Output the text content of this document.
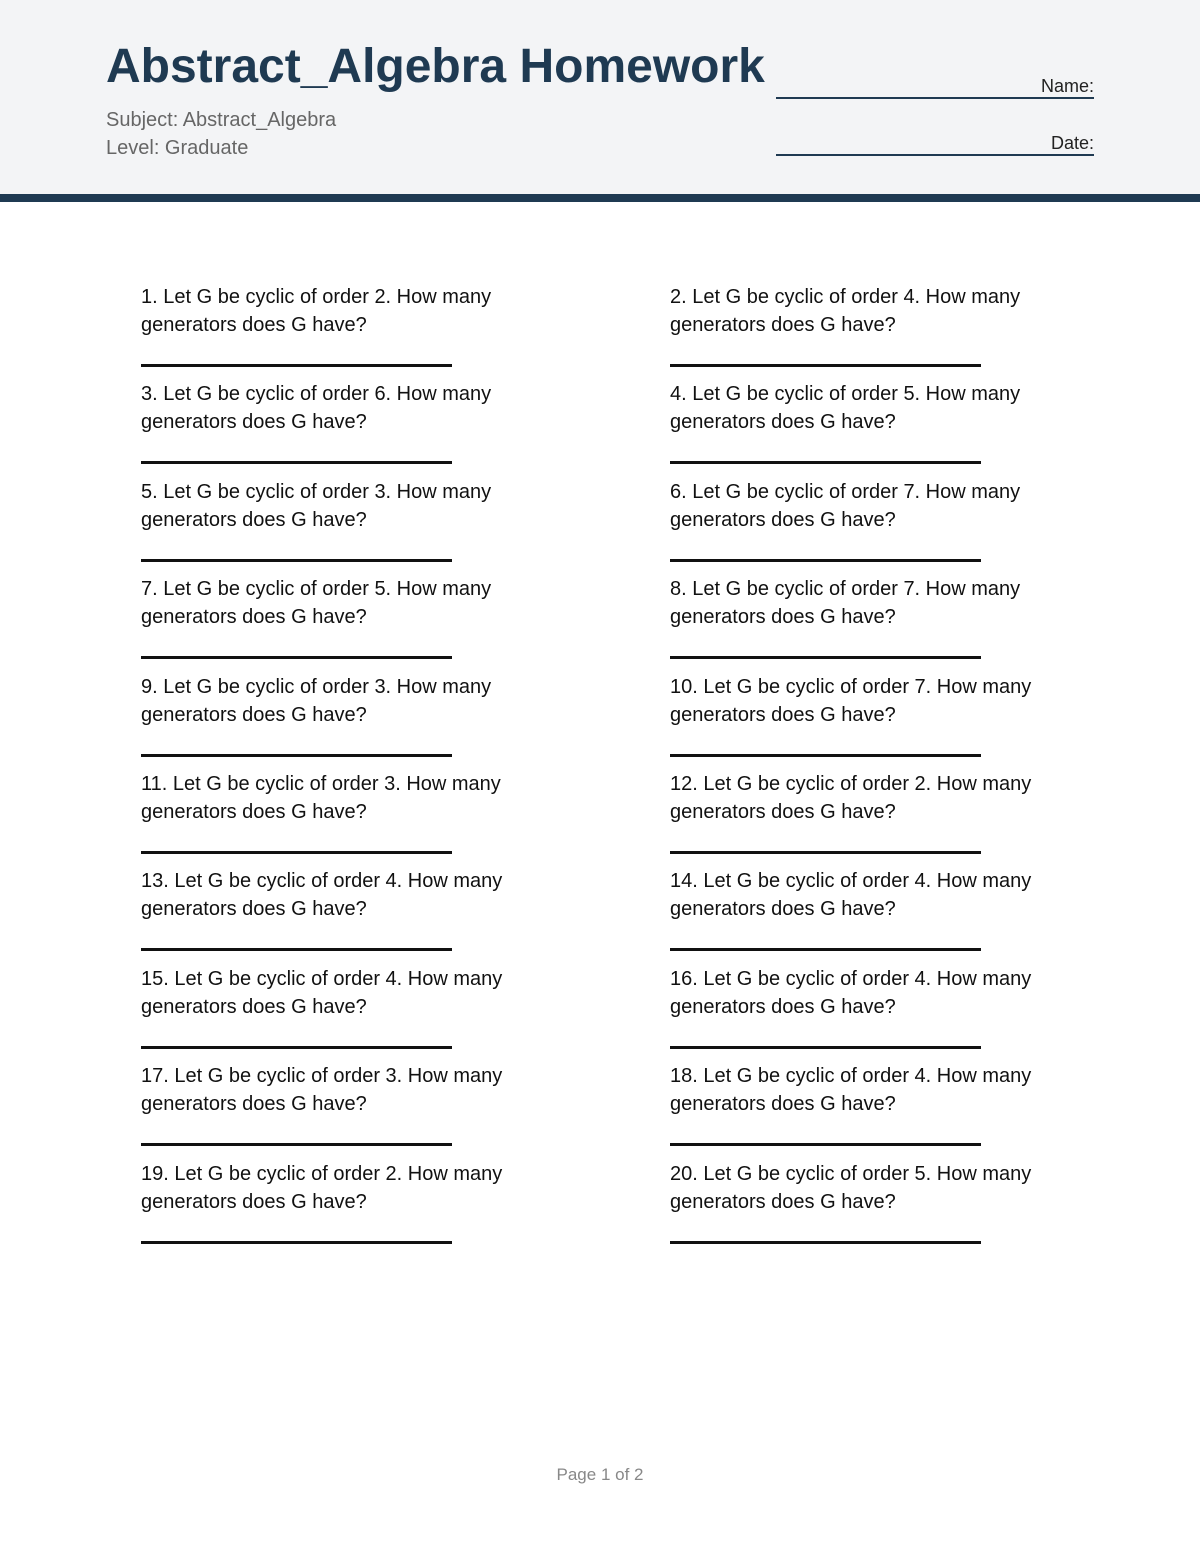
Abstract_Algebra Homework
Subject: Abstract_Algebra
Level: Graduate
Name:
Date:
1. Let G be cyclic of order 2. How many generators does G have?
2. Let G be cyclic of order 4. How many generators does G have?
3. Let G be cyclic of order 6. How many generators does G have?
4. Let G be cyclic of order 5. How many generators does G have?
5. Let G be cyclic of order 3. How many generators does G have?
6. Let G be cyclic of order 7. How many generators does G have?
7. Let G be cyclic of order 5. How many generators does G have?
8. Let G be cyclic of order 7. How many generators does G have?
9. Let G be cyclic of order 3. How many generators does G have?
10. Let G be cyclic of order 7. How many generators does G have?
11. Let G be cyclic of order 3. How many generators does G have?
12. Let G be cyclic of order 2. How many generators does G have?
13. Let G be cyclic of order 4. How many generators does G have?
14. Let G be cyclic of order 4. How many generators does G have?
15. Let G be cyclic of order 4. How many generators does G have?
16. Let G be cyclic of order 4. How many generators does G have?
17. Let G be cyclic of order 3. How many generators does G have?
18. Let G be cyclic of order 4. How many generators does G have?
19. Let G be cyclic of order 2. How many generators does G have?
20. Let G be cyclic of order 5. How many generators does G have?
Page 1 of 2
